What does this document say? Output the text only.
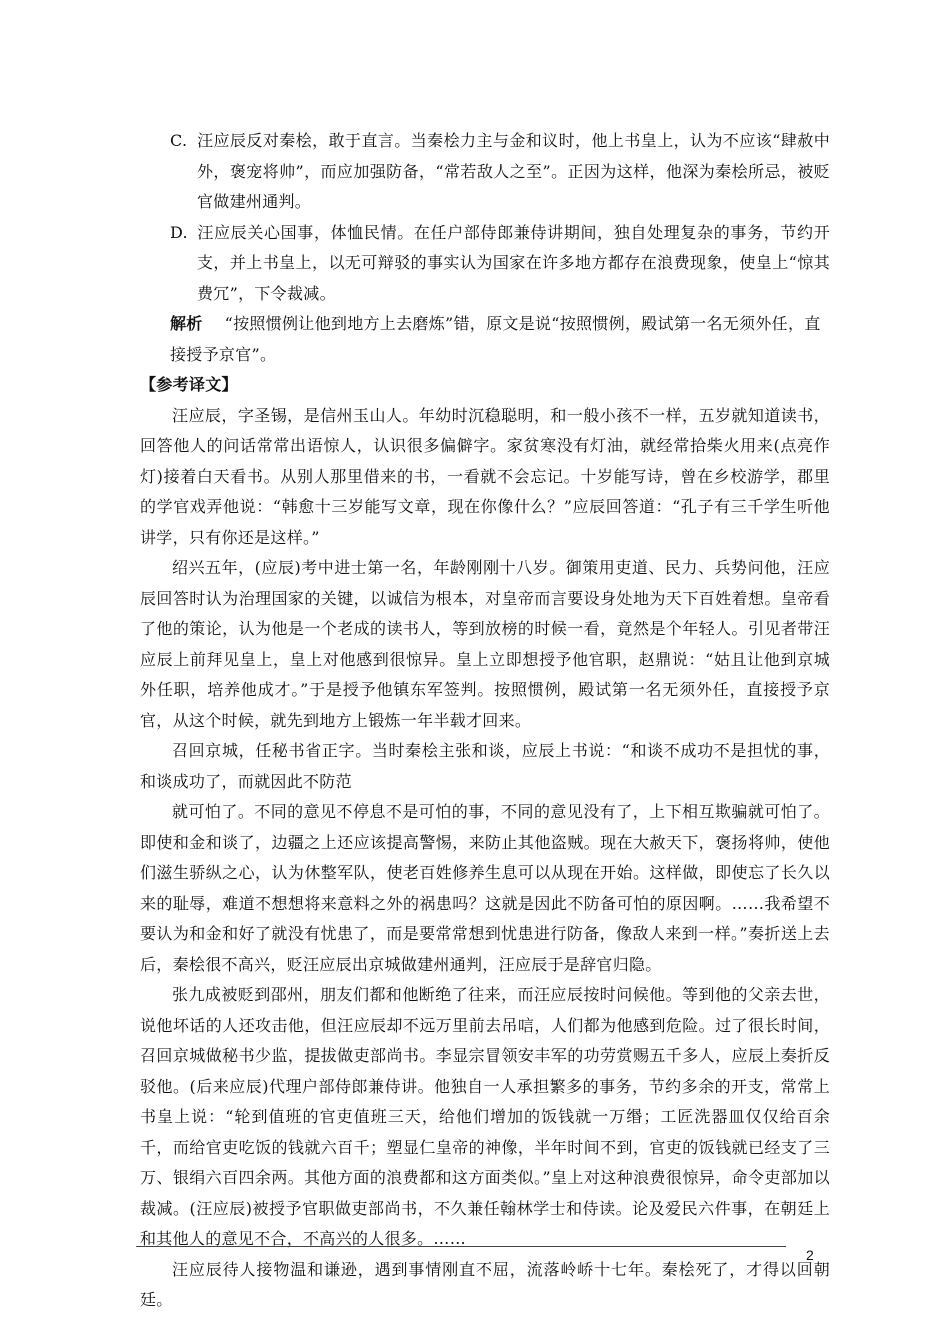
C. 汪应辰反对秦桧，敢于直言。当秦桧力主与金和议时，他上书皇上，认为不应该“肆赦中外，褒宠将帅”，而应加强防备，“常若敌人之至”。正因为这样，他深为秦桧所忌，被贬官做建州通判。

D. 汪应辰关心国事，体恤民情。在任户部侍郎兼侍讲期间，独自处理复杂的事务，节约开支，并上书皇上，以无可辩驳的事实认为国家在许多地方都存在浪费现象，使皇上“惊其费冗”，下令裁减。

解析 “按照惯例让他到地方上去磨炼”错，原文是说“按照惯例，殿试第一名无须外任，直接授予京官”。

【参考译文】

汪应辰，字圣锡，是信州玉山人。年幼时沉稳聪明，和一般小孩不一样，五岁就知道读书，回答他人的问话常常出语惊人，认识很多偏僻字。家贫寒没有灯油，就经常拾柴火用来(点亮作灯)接着白天看书。从别人那里借来的书，一看就不会忘记。十岁能写诗，曾在乡校游学，郡里的学官戏弄他说：“韩愈十三岁能写文章，现在你像什么？”应辰回答道：“孔子有三千学生听他讲学，只有你还是这样。”

绍兴五年，(应辰)考中进士第一名，年龄刚刚十八岁。御策用吏道、民力、兵势问他，汪应辰回答时认为治理国家的关键，以诚信为根本，对皇帝而言要设身处地为天下百姓着想。皇帝看了他的策论，认为他是一个老成的读书人，等到放榜的时候一看，竟然是个年轻人。引见者带汪应辰上前拜见皇上，皇上对他感到很惊异。皇上立即想授予他官职，赵鼎说：“姑且让他到京城外任职，培养他成才。”于是授予他镇东军签判。按照惯例，殿试第一名无须外任，直接授予京官，从这个时候，就先到地方上锻炼一年半载才回来。

召回京城，任秘书省正字。当时秦桧主张和谈，应辰上书说：“和谈不成功不是担忧的事，和谈成功了，而就因此不防范

就可怕了。不同的意见不停息不是可怕的事，不同的意见没有了，上下相互欺骗就可怕了。即使和金和谈了，边疆之上还应该提高警惕，来防止其他盗贼。现在大赦天下，褒扬将帅，使他们滋生骄纵之心，认为休整军队，使老百姓修养生息可以从现在开始。这样做，即使忘了长久以来的耻辱，难道不想想将来意料之外的祸患吗？这就是因此不防备可怕的原因啊。……我希望不要认为和金和好了就没有忧患了，而是要常常想到忧患进行防备，像敌人来到一样。”奏折送上去后，秦桧很不高兴，贬汪应辰出京城做建州通判，汪应辰于是辞官归隐。

张九成被贬到邵州，朋友们都和他断绝了往来，而汪应辰按时问候他。等到他的父亲去世，说他坏话的人还攻击他，但汪应辰却不远万里前去吊唁，人们都为他感到危险。过了很长时间，召回京城做秘书少监，提拔做吏部尚书。李显宗冒领安丰军的功劳赏赐五千多人，应辰上奏折反驳他。(后来应辰)代理户部侍郎兼侍讲。他独自一人承担繁多的事务，节约多余的开支，常常上书皇上说：“轮到值班的官吏值班三天，给他们增加的饭钱就一万缗；工匠洗器皿仅仅给百余千，而给官吏吃饭的钱就六百千；塑显仁皇帝的神像，半年时间不到，官吏的饭钱就已经支了三万、银绢六百四余两。其他方面的浪费都和这方面类似。”皇上对这种浪费很惊异，命令吏部加以裁减。(汪应辰)被授予官职做吏部尚书，不久兼任翰林学士和侍读。论及爱民六件事，在朝廷上和其他人的意见不合，不高兴的人很多。……

汪应辰待人接物温和谦逊，遇到事情刚直不屈，流落岭峤十七年。秦桧死了，才得以回朝廷。

2
